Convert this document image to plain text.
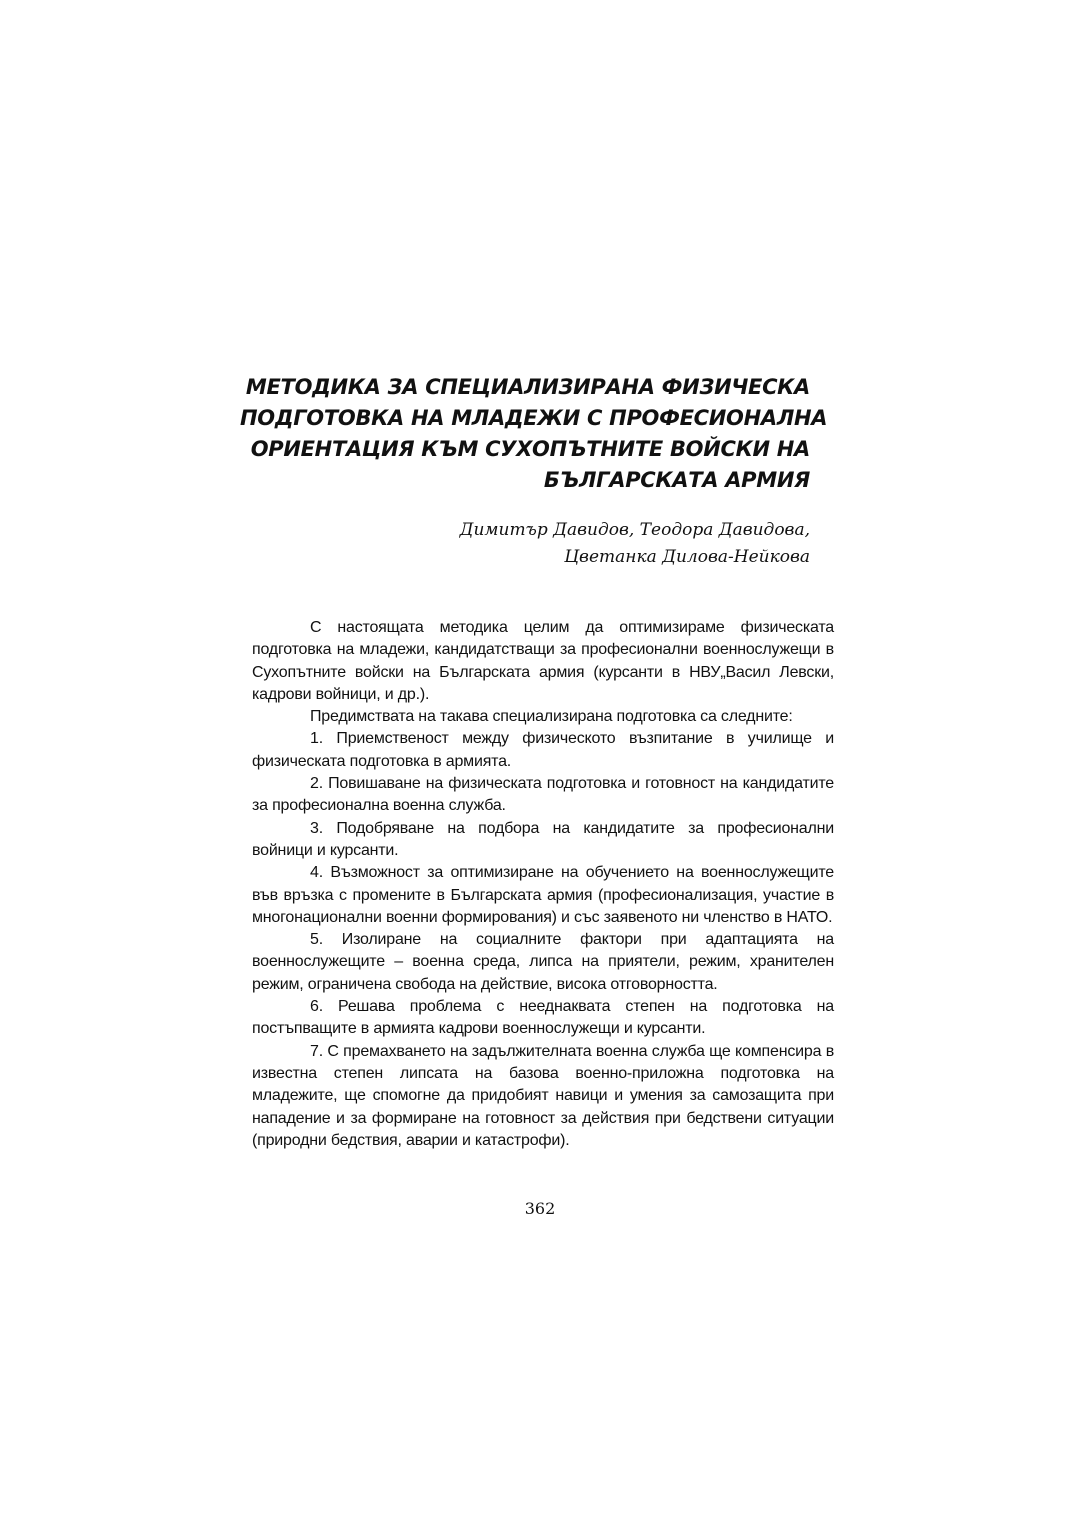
МЕТОДИКА ЗА СПЕЦИАЛИЗИРАНА ФИЗИЧЕСКА
ПОДГОТОВКА НА МЛАДЕЖИ С ПРОФЕСИОНАЛНА
ОРИЕНТАЦИЯ КЪМ СУХОПЪТНИТЕ ВОЙСКИ НА
БЪЛГАРСКАТА АРМИЯ
Димитър Давидов, Теодора Давидова,
Цветанка Дилова-Нейкова

С настоящата методика целим да оптимизираме физическата подготовка на младежи, кандидатстващи за професионални военнослужещи в Сухопътните войски на Българската армия (курсанти в НВУ„Васил Левски, кадрови войници, и др.).

Предимствата на такава специализирана подготовка са следните:

1. Приемственост между физическото възпитание в училище и физическата подготовка в армията.

2. Повишаване на физическата подготовка и готовност на кандидатите за професионална военна служба.

3. Подобряване на подбора на кандидатите за професионални войници и курсанти.

4. Възможност за оптимизиране на обучението на военнослужещите във връзка с промените в Българската армия (професионализация, участие в многонационални военни формирования) и със заявеното ни членство в НАТО.

5. Изолиране на социалните фактори при адаптацията на военнослужещите – военна среда, липса на приятели, режим, хранителен режим, ограничена свобода на действие, висока отговорността.

6. Решава проблема с нееднаквата степен на подготовка на постъпващите в армията кадрови военнослужещи и курсанти.

7. С премахването на задължителната военна служба ще компенсира в известна степен липсата на базова военно-приложна подготовка на младежите, ще спомогне да придобият навици и умения за самозащита при нападение и за формиране на готовност за действия при бедствени ситуации (природни бедствия, аварии и катастрофи).

362
